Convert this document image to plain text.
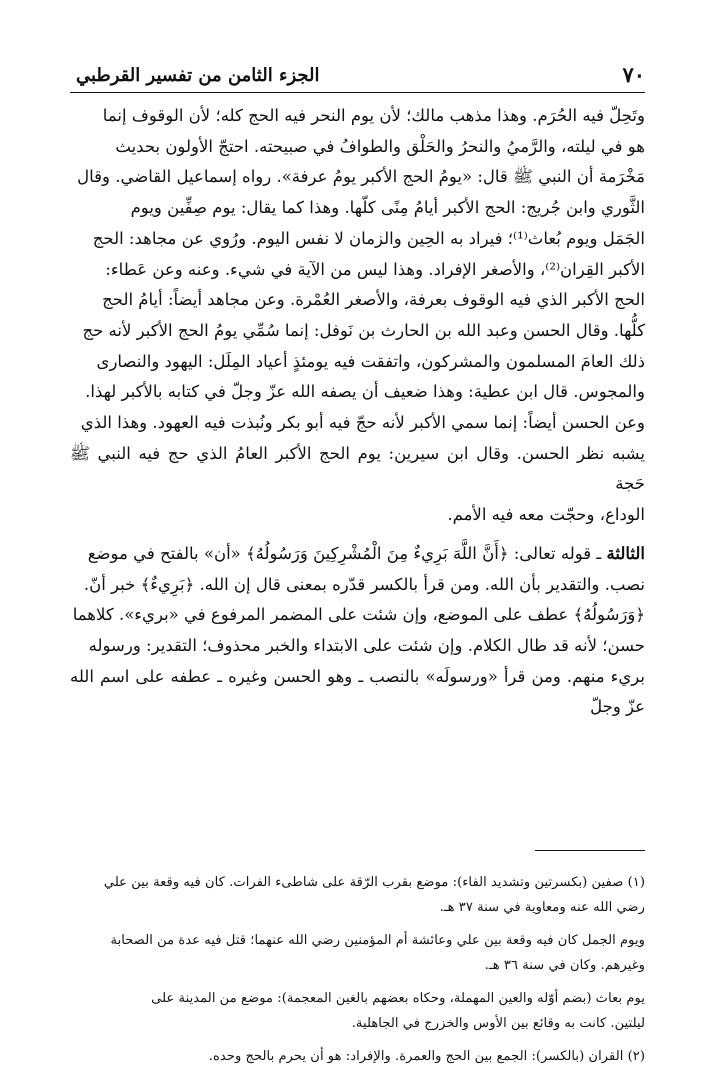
٧٠
الجزء الثامن من تفسير القرطبي

وتَحِلّ فيه الحُرَم. وهذا مذهب مالك؛ لأن يوم النحر فيه الحج كله؛ لأن الوقوف إنما
هو في ليلته، والرَّميُ والنحرُ والحَلْق والطوافُ في صبيحته. احتجّ الأولون بحديث
مَخْرَمة أن النبي ﷺ قال: «يومُ الحج الأكبر يومُ عرفة». رواه إسماعيل القاضي. وقال
الثَّوري وابن جُريج: الحج الأكبر أيامُ مِنًى كلّها. وهذا كما يقال: يوم صِفِّين ويوم
الجَمَل ويوم بُعاث⁽¹⁾؛ فيراد به الحِين والزمان لا نفس اليوم. ورُوي عن مجاهد: الحج
الأكبر القِران⁽²⁾، والأصغر الإفراد. وهذا ليس من الآية في شيء. وعنه وعن عَطاء:
الحج الأكبر الذي فيه الوقوف بعرفة، والأصغر العُمْرة. وعن مجاهد أيضاً: أيامُ الحج
كلُّها. وقال الحسن وعبد الله بن الحارث بن نَوفل: إنما سُمِّي يومُ الحج الأكبر لأنه حج
ذلك العامَ المسلمون والمشركون، واتفقت فيه يومئذٍ أعياد المِلَل: اليهود والنصارى
والمجوس. قال ابن عطية: وهذا ضعيف أن يصفه الله عزّ وجلّ في كتابه بالأكبر لهذا.
وعن الحسن أيضاً: إنما سمي الأكبر لأنه حجّ فيه أبو بكر ونُبذت فيه العهود. وهذا الذي
يشبه نظر الحسن. وقال ابن سيرين: يوم الحج الأكبر العامُ الذي حج فيه النبي ﷺ حَجة
الوداع، وحجّت معه فيه الأمم.

الثالثة ـ قوله تعالى: ﴿أَنَّ اللَّهَ بَرِيءٌ مِنَ الْمُشْرِكِينَ وَرَسُولُهُ﴾ «أن» بالفتح في موضع
نصب. والتقدير بأن الله. ومن قرأ بالكسر قدّره بمعنى قال إن الله. ﴿بَرِيءٌ﴾ خبر أنّ.
﴿وَرَسُولُهُ﴾ عطف على الموضع، وإن شئت على المضمر المرفوع في «بريء». كلاهما
حسن؛ لأنه قد طال الكلام. وإن شئت على الابتداء والخبر محذوف؛ التقدير: ورسوله
بريء منهم. ومن قرأ «ورسولَه» بالنصب ـ وهو الحسن وغيره ـ عطفه على اسم الله عزّ وجلّ

(١) صفين (بكسرتين وتشديد الفاء): موضع بقرب الرّقة على شاطىء الفرات. كان فيه وقعة بين علي
رضي الله عنه ومعاوية في سنة ٣٧ هـ.

ويوم الجمل كان فيه وقعة بين علي وعائشة أم المؤمنين رضي الله عنهما؛ قتل فيه عدة من الصحابة
وغيرهم. وكان في سنة ٣٦ هـ.

يوم بعاث (بضم أوّله والعين المهملة، وحكاه بعضهم بالغين المعجمة): موضع من المدينة على
ليلتين. كانت به وقائع بين الأوس والخزرج في الجاهلية.

(٢) القران (بالكسر): الجمع بين الحج والعمرة. والإفراد: هو أن يحرم بالحج وحده.
